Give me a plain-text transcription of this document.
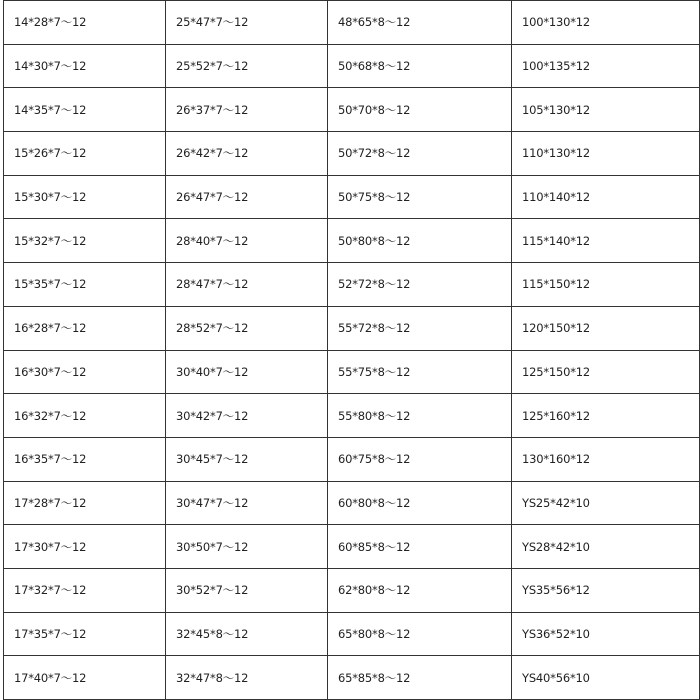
14*28*7～12	25*47*7～12	48*65*8～12	100*130*12
14*30*7～12	25*52*7～12	50*68*8～12	100*135*12
14*35*7～12	26*37*7～12	50*70*8～12	105*130*12
15*26*7～12	26*42*7～12	50*72*8～12	110*130*12
15*30*7～12	26*47*7～12	50*75*8～12	110*140*12
15*32*7～12	28*40*7～12	50*80*8～12	115*140*12
15*35*7～12	28*47*7～12	52*72*8～12	115*150*12
16*28*7～12	28*52*7～12	55*72*8～12	120*150*12
16*30*7～12	30*40*7～12	55*75*8～12	125*150*12
16*32*7～12	30*42*7～12	55*80*8～12	125*160*12
16*35*7～12	30*45*7～12	60*75*8～12	130*160*12
17*28*7～12	30*47*7～12	60*80*8～12	YS25*42*10
17*30*7～12	30*50*7～12	60*85*8～12	YS28*42*10
17*32*7～12	30*52*7～12	62*80*8～12	YS35*56*12
17*35*7～12	32*45*8～12	65*80*8～12	YS36*52*10
17*40*7～12	32*47*8～12	65*85*8～12	YS40*56*10
